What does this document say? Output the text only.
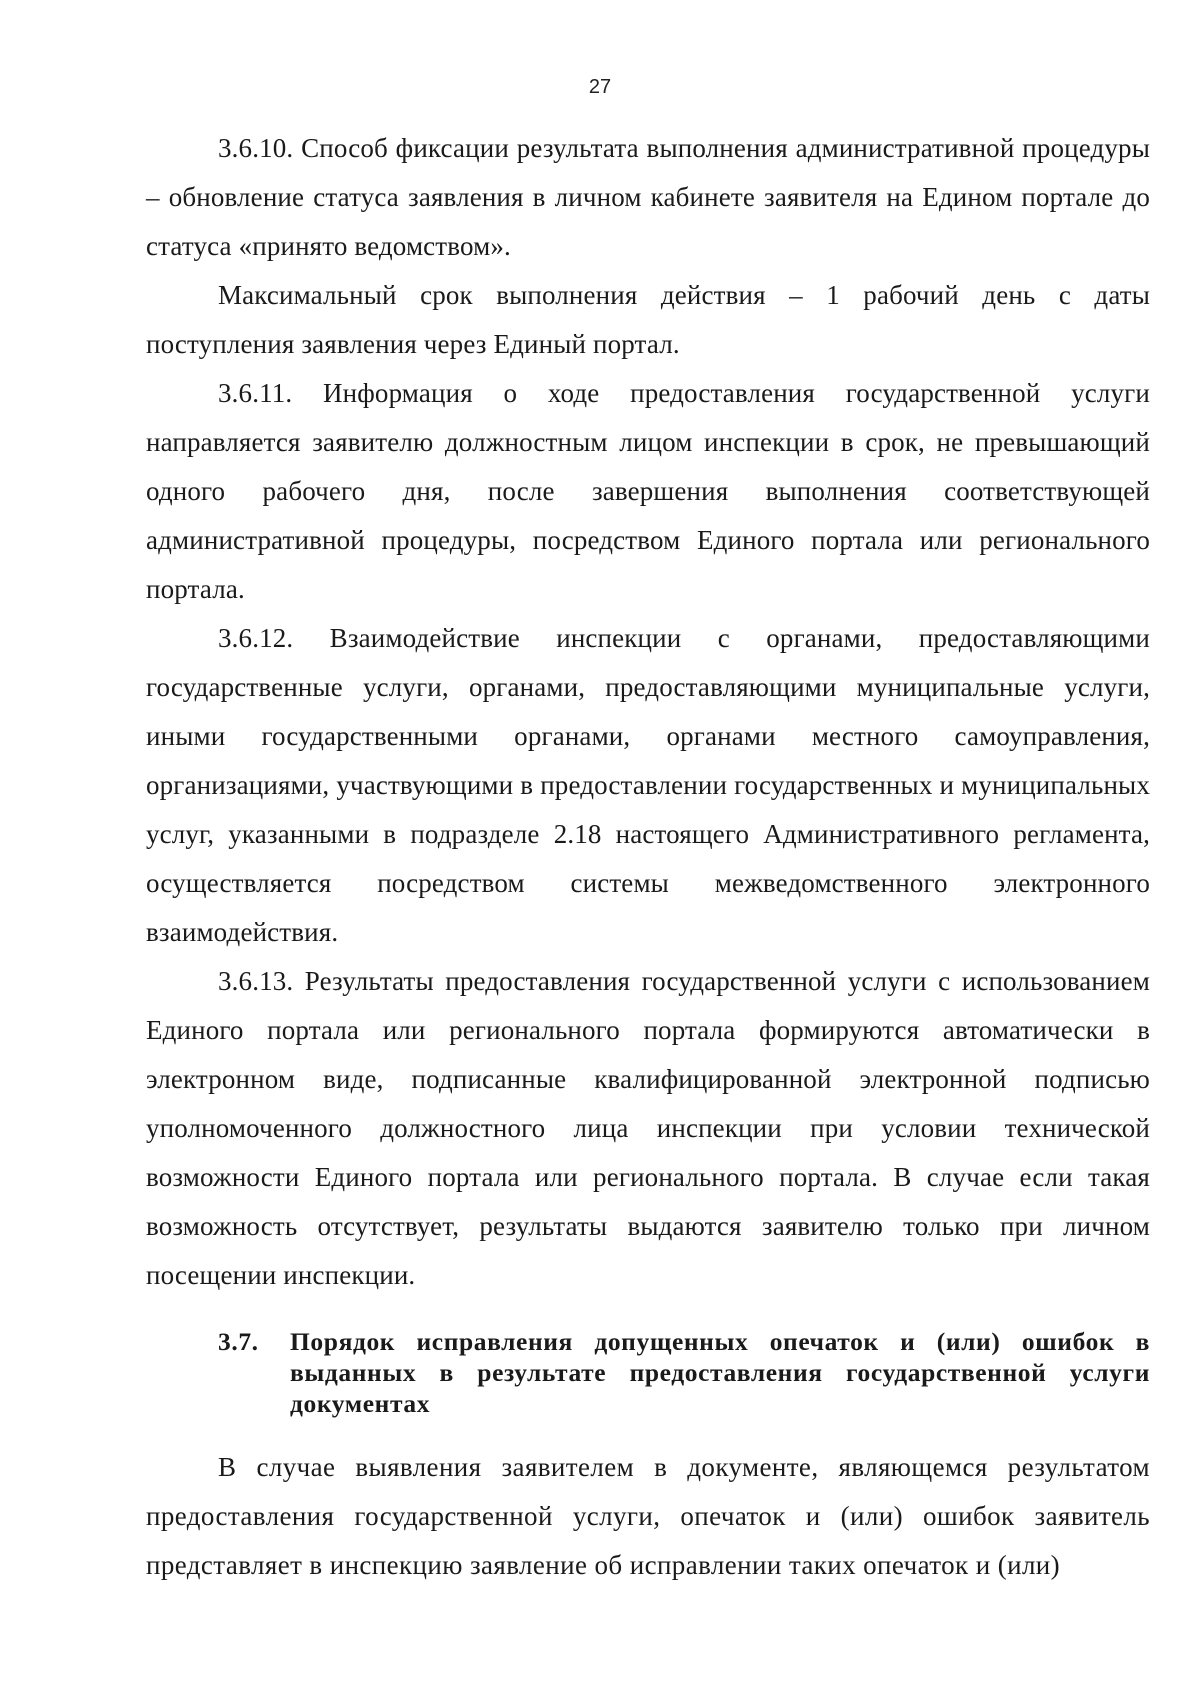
27

3.6.10. Способ фиксации результата выполнения административной процедуры – обновление статуса заявления в личном кабинете заявителя на Едином портале до статуса «принято ведомством».

Максимальный срок выполнения действия – 1 рабочий день с даты поступления заявления через Единый портал.

3.6.11. Информация о ходе предоставления государственной услуги направляется заявителю должностным лицом инспекции в срок, не превышающий одного рабочего дня, после завершения выполнения соответствующей административной процедуры, посредством Единого портала или регионального портала.

3.6.12. Взаимодействие инспекции с органами, предоставляющими государственные услуги, органами, предоставляющими муниципальные услуги, иными государственными органами, органами местного самоуправления, организациями, участвующими в предоставлении государственных и муниципальных услуг, указанными в подразделе 2.18 настоящего Административного регламента, осуществляется посредством системы межведомственного электронного взаимодействия.

3.6.13. Результаты предоставления государственной услуги с использованием Единого портала или регионального портала формируются автоматически в электронном виде, подписанные квалифицированной электронной подписью уполномоченного должностного лица инспекции при условии технической возможности Единого портала или регионального портала. В случае если такая возможность отсутствует, результаты выдаются заявителю только при личном посещении инспекции.

3.7.	Порядок исправления допущенных опечаток и (или) ошибок в выданных в результате предоставления государственной услуги документах

В случае выявления заявителем в документе, являющемся результатом предоставления государственной услуги, опечаток и (или) ошибок заявитель представляет в инспекцию заявление об исправлении таких опечаток и (или)
